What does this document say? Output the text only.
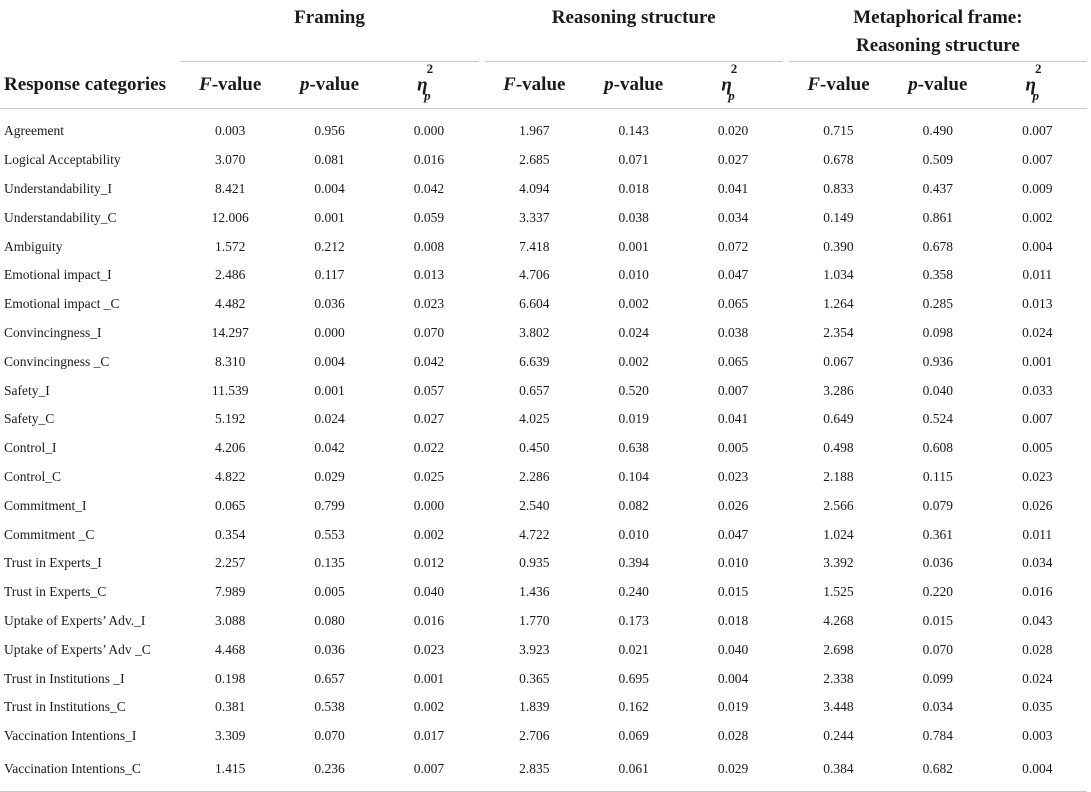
	Framing				Reasoning structure				Metaphorical frame:
Reasoning structure		
Response categories	F-value	p-value	$\eta^2_p$		F-value	p-value	$\eta^2_p$		F-value	p-value	$\eta^2_p$
Agreement	0.003	0.956	0.000		1.967	0.143	0.020		0.715	0.490	0.007
Logical Acceptability	3.070	0.081	0.016		2.685	0.071	0.027		0.678	0.509	0.007
Understandability_I	8.421	0.004	0.042		4.094	0.018	0.041		0.833	0.437	0.009
Understandability_C	12.006	0.001	0.059		3.337	0.038	0.034		0.149	0.861	0.002
Ambiguity	1.572	0.212	0.008		7.418	0.001	0.072		0.390	0.678	0.004
Emotional impact_I	2.486	0.117	0.013		4.706	0.010	0.047		1.034	0.358	0.011
Emotional impact _C	4.482	0.036	0.023		6.604	0.002	0.065		1.264	0.285	0.013
Convincingness_I	14.297	0.000	0.070		3.802	0.024	0.038		2.354	0.098	0.024
Convincingness _C	8.310	0.004	0.042		6.639	0.002	0.065		0.067	0.936	0.001
Safety_I	11.539	0.001	0.057		0.657	0.520	0.007		3.286	0.040	0.033
Safety_C	5.192	0.024	0.027		4.025	0.019	0.041		0.649	0.524	0.007
Control_I	4.206	0.042	0.022		0.450	0.638	0.005		0.498	0.608	0.005
Control_C	4.822	0.029	0.025		2.286	0.104	0.023		2.188	0.115	0.023
Commitment_I	0.065	0.799	0.000		2.540	0.082	0.026		2.566	0.079	0.026
Commitment _C	0.354	0.553	0.002		4.722	0.010	0.047		1.024	0.361	0.011
Trust in Experts_I	2.257	0.135	0.012		0.935	0.394	0.010		3.392	0.036	0.034
Trust in Experts_C	7.989	0.005	0.040		1.436	0.240	0.015		1.525	0.220	0.016
Uptake of Experts’ Adv._I	3.088	0.080	0.016		1.770	0.173	0.018		4.268	0.015	0.043
Uptake of Experts’ Adv _C	4.468	0.036	0.023		3.923	0.021	0.040		2.698	0.070	0.028
Trust in Institutions _I	0.198	0.657	0.001		0.365	0.695	0.004		2.338	0.099	0.024
Trust in Institutions_C	0.381	0.538	0.002		1.839	0.162	0.019		3.448	0.034	0.035
Vaccination Intentions_I	3.309	0.070	0.017		2.706	0.069	0.028		0.244	0.784	0.003
Vaccination Intentions_C	1.415	0.236	0.007		2.835	0.061	0.029		0.384	0.682	0.004
